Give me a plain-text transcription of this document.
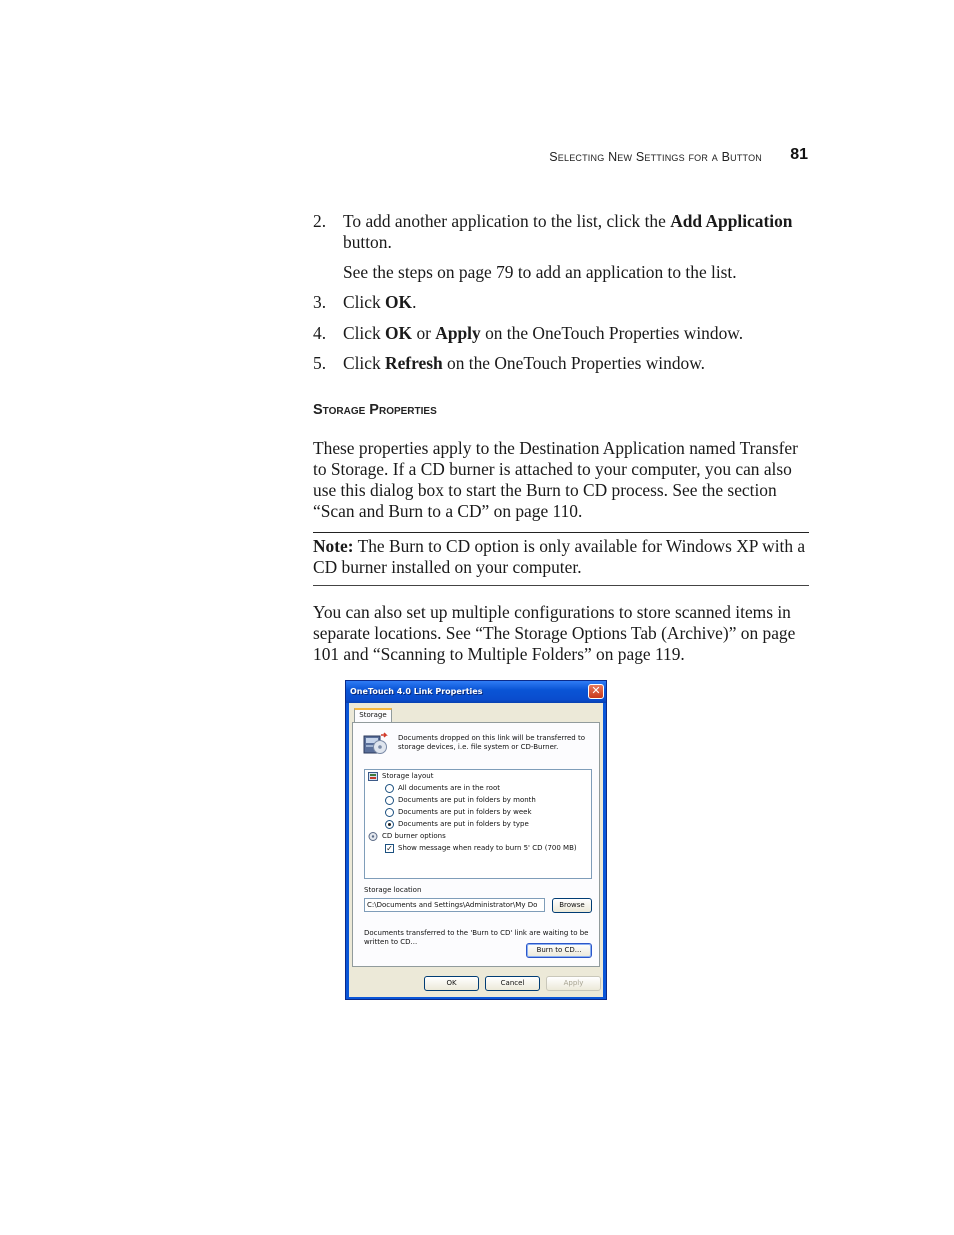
Selecting New Settings for a Button 81
2. To add another application to the list, click the Add Application button.
See the steps on page 79 to add an application to the list.
3. Click OK.
4. Click OK or Apply on the OneTouch Properties window.
5. Click Refresh on the OneTouch Properties window.
Storage Properties
These properties apply to the Destination Application named Transfer to Storage. If a CD burner is attached to your computer, you can also use this dialog box to start the Burn to CD process. See the section “Scan and Burn to a CD” on page 110.
Note: The Burn to CD option is only available for Windows XP with a CD burner installed on your computer.
You can also set up multiple configurations to store scanned items in separate locations. See “The Storage Options Tab (Archive)” on page 101 and “Scanning to Multiple Folders” on page 119.
OneTouch 4.0 Link Properties	✕
Storage
Documents dropped on this link will be transferred to storage devices, i.e. file system or CD-Burner.
Storage layout
All documents are in the root
Documents are put in folders by month
Documents are put in folders by week
Documents are put in folders by type
CD burner options
✓ Show message when ready to burn 5' CD (700 MB)
Storage location
C:\Documents and Settings\Administrator\My Do	Browse
Documents transferred to the 'Burn to CD' link are waiting to be written to CD...
Burn to CD...
OK	Cancel	Apply
